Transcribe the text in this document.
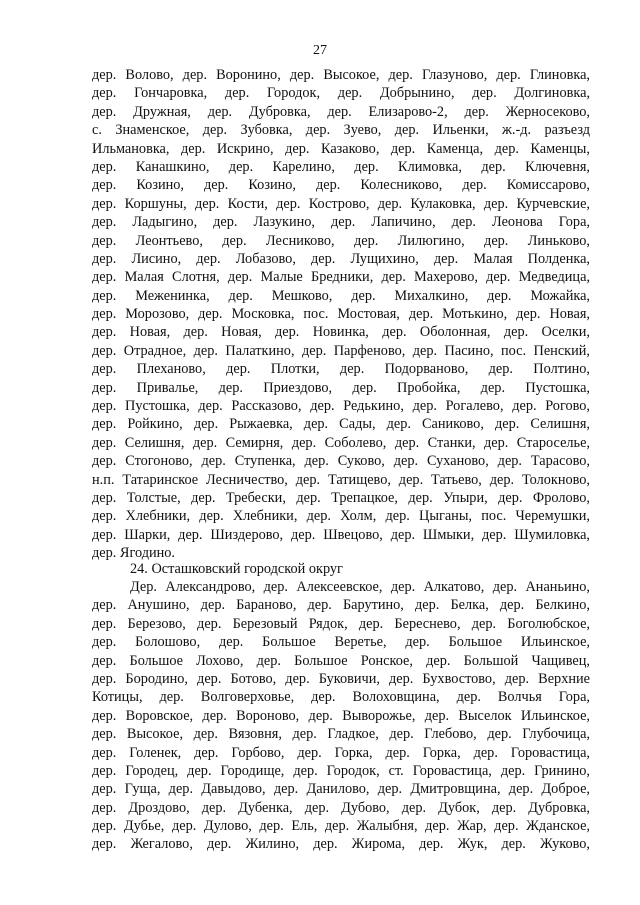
27
дер. Волово, дер. Воронино, дер. Высокое, дер. Глазуново, дер. Глиновка,
дер. Гончаровка, дер. Городок, дер. Добрынино, дер. Долгиновка,
дер. Дружная, дер. Дубровка, дер. Елизарово-2, дер. Жерносеково,
с. Знаменское, дер. Зубовка, дер. Зуево, дер. Ильенки, ж.-д. разъезд
Ильмановка, дер. Искрино, дер. Казаково, дер. Каменца, дер. Каменцы,
дер. Канашкино, дер. Карелино, дер. Климовка, дер. Ключевня,
дер. Козино, дер. Козино, дер. Колесниково, дер. Комиссарово,
дер. Коршуны, дер. Кости, дер. Кострово, дер. Кулаковка, дер. Курчевские,
дер. Ладыгино, дер. Лазукино, дер. Лапичино, дер. Леонова Гора,
дер. Леонтьево, дер. Лесниково, дер. Лилюгино, дер. Линьково,
дер. Лисино, дер. Лобазово, дер. Лущихино, дер. Малая Полденка,
дер. Малая Слотня, дер. Малые Бредники, дер. Махерово, дер. Медведица,
дер. Меженинка, дер. Мешково, дер. Михалкино, дер. Можайка,
дер. Морозово, дер. Московка, пос. Мостовая, дер. Мотькино, дер. Новая,
дер. Новая, дер. Новая, дер. Новинка, дер. Оболонная, дер. Оселки,
дер. Отрадное, дер. Палаткино, дер. Парфеново, дер. Пасино, пос. Пенский,
дер. Плеханово, дер. Плотки, дер. Подорваново, дер. Полтино,
дер. Привалье, дер. Приездово, дер. Пробойка, дер. Пустошка,
дер. Пустошка, дер. Рассказово, дер. Редькино, дер. Рогалево, дер. Рогово,
дер. Ройкино, дер. Рыжаевка, дер. Сады, дер. Саниково, дер. Селишня,
дер. Селишня, дер. Семирня, дер. Соболево, дер. Станки, дер. Староселье,
дер. Стогоново, дер. Ступенка, дер. Суково, дер. Суханово, дер. Тарасово,
н.п. Татаринское Лесничество, дер. Татищево, дер. Татьево, дер. Толокново,
дер. Толстые, дер. Требески, дер. Трепацкое, дер. Упыри, дер. Фролово,
дер. Хлебники, дер. Хлебники, дер. Холм, дер. Цыганы, пос. Черемушки,
дер. Шарки, дер. Шиздерово, дер. Швецово, дер. Шмыки, дер. Шумиловка,
дер. Ягодино.
24. Осташковский городской округ
Дер. Александрово, дер. Алексеевское, дер. Алкатово, дер. Ананьино,
дер. Анушино, дер. Бараново, дер. Барутино, дер. Белка, дер. Белкино,
дер. Березово, дер. Березовый Рядок, дер. Береснево, дер. Боголюбское,
дер. Болошово, дер. Большое Веретье, дер. Большое Ильинское,
дер. Большое Лохово, дер. Большое Ронское, дер. Большой Чащивец,
дер. Бородино, дер. Ботово, дер. Буковичи, дер. Бухвостово, дер. Верхние
Котицы, дер. Волговерховье, дер. Волоховщина, дер. Волчья Гора,
дер. Воровское, дер. Вороново, дер. Выворожье, дер. Выселок Ильинское,
дер. Высокое, дер. Вязовня, дер. Гладкое, дер. Глебово, дер. Глубочица,
дер. Голенек, дер. Горбово, дер. Горка, дер. Горка, дер. Горовастица,
дер. Городец, дер. Городище, дер. Городок, ст. Горовастица, дер. Гринино,
дер. Гуща, дер. Давыдово, дер. Данилово, дер. Дмитровщина, дер. Доброе,
дер. Дроздово, дер. Дубенка, дер. Дубово, дер. Дубок, дер. Дубровка,
дер. Дубье, дер. Дулово, дер. Ель, дер. Жалыбня, дер. Жар, дер. Жданское,
дер. Жегалово, дер. Жилино, дер. Жирома, дер. Жук, дер. Жуково,
